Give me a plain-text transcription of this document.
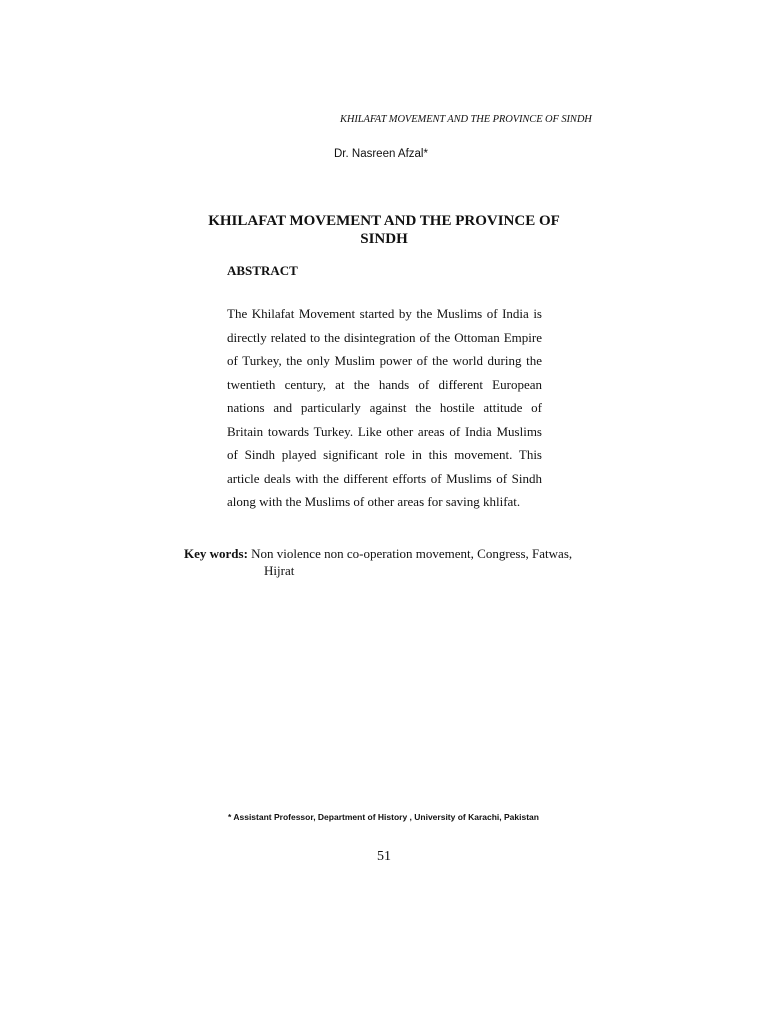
KHILAFAT MOVEMENT AND THE PROVINCE OF SINDH
Dr. Nasreen Afzal*
KHILAFAT MOVEMENT AND THE PROVINCE OF
SINDH
ABSTRACT
The Khilafat Movement started by the Muslims of India is
directly related to the disintegration of the Ottoman Empire
of Turkey, the only Muslim power of the world during the
twentieth century, at the hands of different European
nations and particularly against the hostile attitude of
Britain towards Turkey. Like other areas of India Muslims
of Sindh played significant role in this movement. This
article deals with the different efforts of Muslims of Sindh
along with the Muslims of other areas for saving khlifat.
Key words: Non violence non co-operation movement, Congress, Fatwas,
Hijrat
* Assistant Professor, Department of History , University of Karachi, Pakistan
51
